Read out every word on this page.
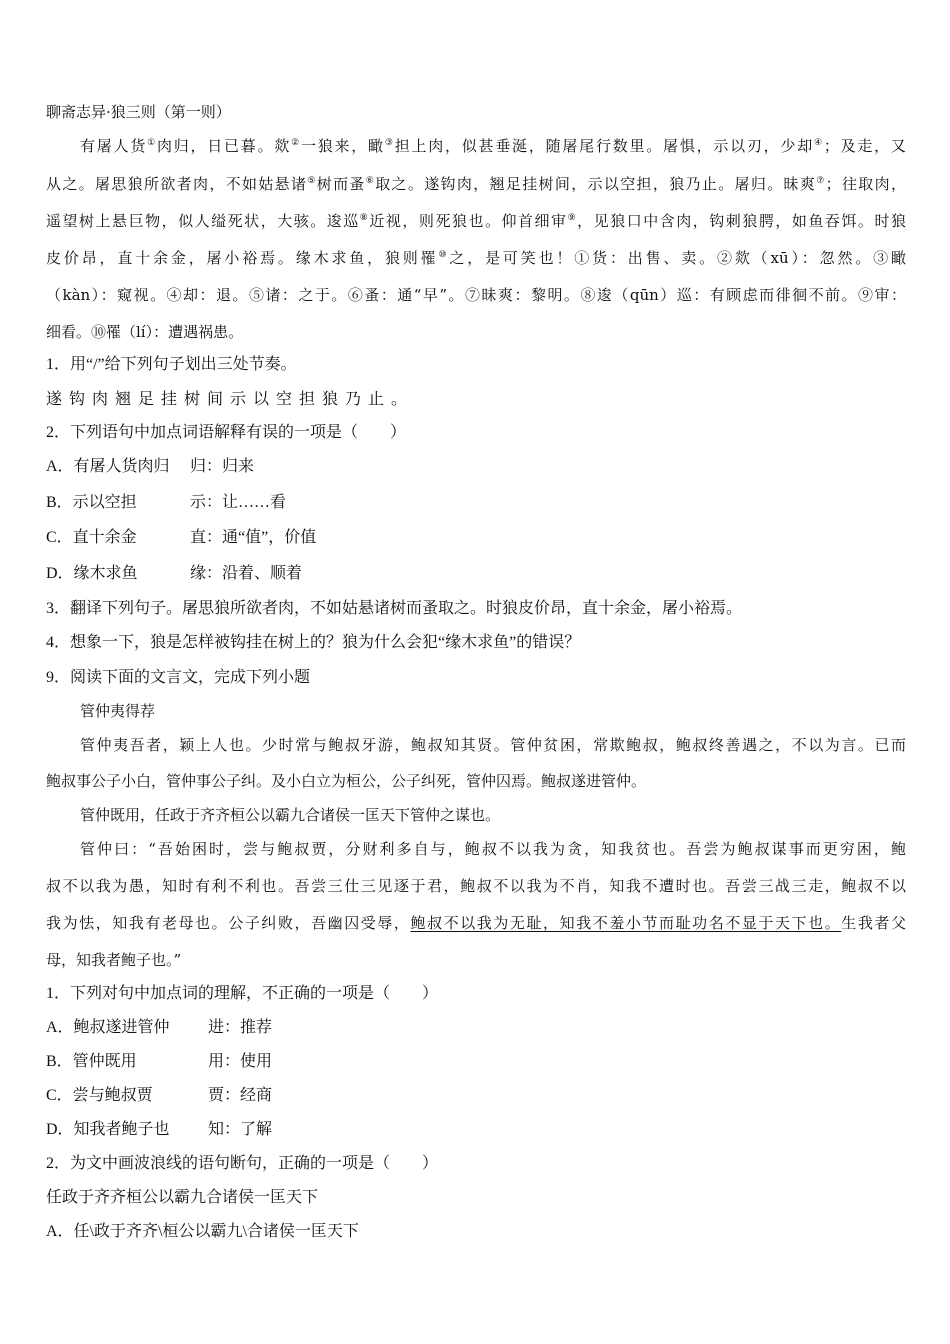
聊斋志异·狼三则（第一则）
有屠人货①肉归，日已暮。欻②一狼来，瞰③担上肉，似甚垂涎，随屠尾行数里。屠惧，示以刃，少却④；及走，又
从之。屠思狼所欲者肉，不如姑悬诸⑤树而蚤⑥取之。遂钩肉，翘足挂树间，示以空担，狼乃止。屠归。昧爽⑦；往取肉，
遥望树上悬巨物，似人缢死状，大骇。逡巡⑧近视，则死狼也。仰首细审⑨，见狼口中含肉，钩刺狼腭，如鱼吞饵。时狼
皮价昂，直十余金，屠小裕焉。缘木求鱼，狼则罹⑩之，是可笑也！①货：出售、卖。②欻（xū）：忽然。③瞰
（kàn）：窥视。④却：退。⑤诸：之于。⑥蚤：通“早”。⑦昧爽：黎明。⑧逡（qūn）巡：有顾虑而徘徊不前。⑨审：
细看。⑩罹（lí）：遭遇祸患。
1．用“/”给下列句子划出三处节奏。
遂钩肉翘足挂树间示以空担狼乃止。
2．下列语句中加点词语解释有误的一项是（　　）
A．有屠人货肉归 归：归来
B．示以空担	示：让……看
C．直十余金	直：通“值”，价值
D．缘木求鱼	缘：沿着、顺着
3．翻译下列句子。屠思狼所欲者肉，不如姑悬诸树而蚤取之。时狼皮价昂，直十余金，屠小裕焉。
4．想象一下，狼是怎样被钩挂在树上的？狼为什么会犯“缘木求鱼”的错误？
9．阅读下面的文言文，完成下列小题
管仲夷得荐
管仲夷吾者，颖上人也。少时常与鲍叔牙游，鲍叔知其贤。管仲贫困，常欺鲍叔，鲍叔终善遇之，不以为言。已而
鲍叔事公子小白，管仲事公子纠。及小白立为桓公，公子纠死，管仲囚焉。鲍叔遂进管仲。
管仲既用，任政于齐齐桓公以霸九合诸侯一匡天下管仲之谋也。
管仲曰：“吾始困时，尝与鲍叔贾，分财利多自与，鲍叔不以我为贪，知我贫也。吾尝为鲍叔谋事而更穷困，鲍
叔不以我为愚，知时有利不利也。吾尝三仕三见逐于君，鲍叔不以我为不肖，知我不遭时也。吾尝三战三走，鲍叔不以
我为怯，知我有老母也。公子纠败，吾幽囚受辱，鲍叔不以我为无耻，知我不羞小节而耻功名不显于天下也。生我者父
母，知我者鲍子也。”
1．下列对句中加点词的理解，不正确的一项是（　　）
A．鲍叔遂进管仲 进：推荐
B．管仲既用	用：使用
C．尝与鲍叔贾	贾：经商
D．知我者鲍子也 知：了解
2．为文中画波浪线的语句断句，正确的一项是（　　）
任政于齐齐桓公以霸九合诸侯一匡天下
A．任\政于齐齐\桓公以霸九\合诸侯一匡天下
